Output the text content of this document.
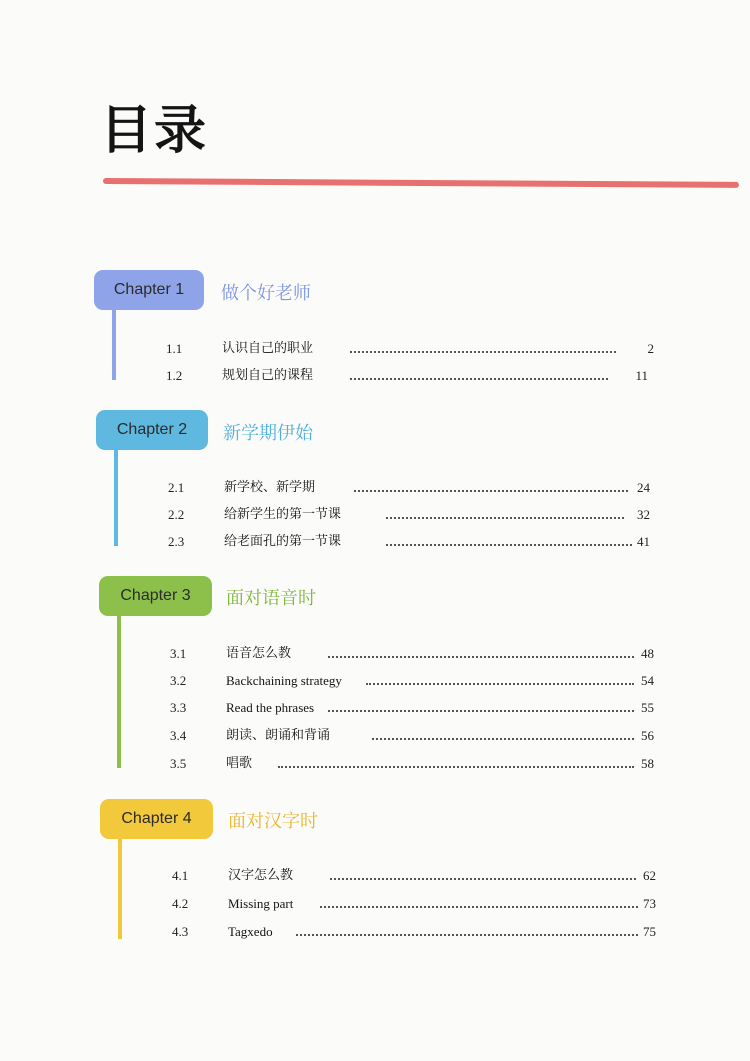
目录
Chapter 1	做个好老师
1.1	认识自己的职业	2
1.2	规划自己的课程	11
Chapter 2	新学期伊始
2.1	新学校、新学期	24
2.2	给新学生的第一节课	32
2.3	给老面孔的第一节课	41
Chapter 3	面对语音时
3.1	语音怎么教	48
3.2	Backchaining strategy	54
3.3	Read the phrases	55
3.4	朗读、朗诵和背诵	56
3.5	唱歌	58
Chapter 4	面对汉字时
4.1	汉字怎么教	62
4.2	Missing part	73
4.3	Tagxedo	75
